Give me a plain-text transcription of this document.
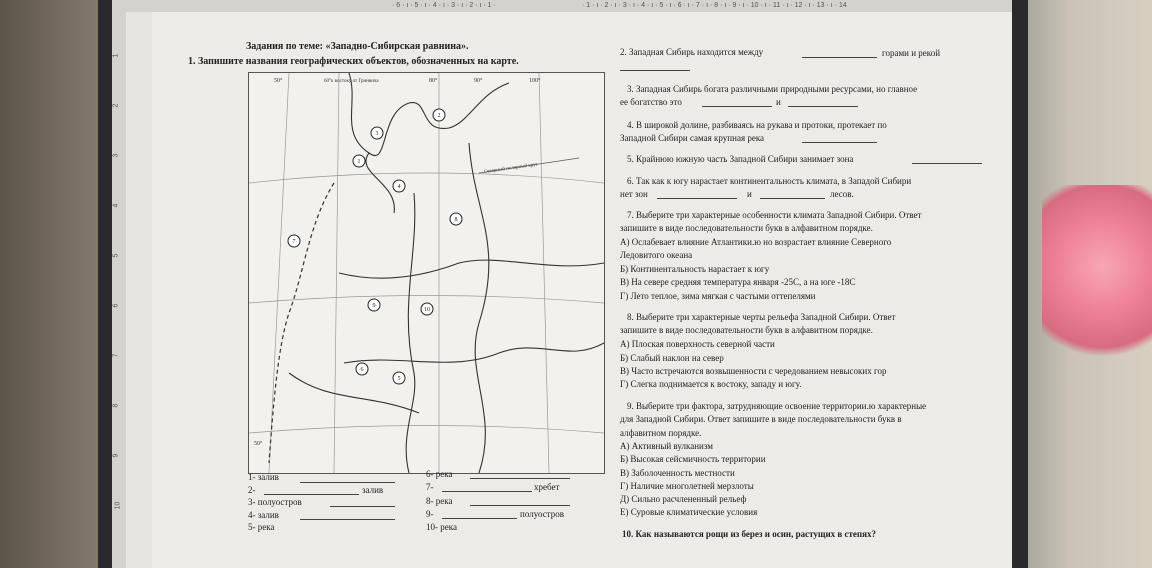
· 6 · ı · 5 · ı · 4 · ı · 3 · ı · 2 · ı · 1 ·	· 1 · ı · 2 · ı · 3 · ı · 4 · ı · 5 · ı · 6 · ı · 7 · ı · 8 · ı · 9 · ı · 10 · ı · 11 · ı · 12 · ı · 13 · ı · 14
1
2
3
4
5
6
7
8
9
10
Задания по теме: «Западно-Сибирская равнина».
1. Запишите названия географических объектов, обозначенных на карте.
Северный полярный круг
50°	60°к востоку от Гринвича	80°	90°	100°
50°
1
2
3
4
5
6
7
8
9
10
1- залив
2-	залив
3- полуостров
4- залив
5- река
6- река
7-	хребет
8- река
9-	полуостров
10- река
2. Западная Сибирь находится между	горами и рекой
3. Западная Сибирь богата различными природными ресурсами, но главное
ее богатство это	и
4. В широкой долине, разбиваясь на рукава и протоки, протекает по
Западной Сибири самая крупная река
5. Крайнюю южную часть Западной Сибири занимает зона
6. Так как к югу нарастает континентальность климата, в Западой Сибири
нет зон	и	лесов.
7. Выберите три характерные особенности климата Западной Сибири. Ответ
запишите в виде последовательности букв в алфавитном порядке.
А) Ослабевает влияние Атлантики.ю но возрастает влияние Северного
Ледовитого океана
Б) Континентальность нарастает к югу
В) На севере средняя температура января -25С, а на юге -18С
Г) Лето теплое, зима мягкая с частыми оттепелями
8. Выберите три характерные черты рельефа Западной Сибири. Ответ
запишите в виде последовательности букв в алфавитном порядке.
А) Плоская поверхность северной части
Б) Слабый наклон на север
В) Часто встречаются возвышенности с чередованием невысоких гор
Г) Слегка поднимается к востоку, западу и югу.
9. Выберите три фактора, затрудняющие освоение территории.ю характерные
для Западной Сибири. Ответ запишите в виде последовательности букв в
алфавитном порядке.
А) Активный вулканизм
Б) Высокая сейсмичность территории
В) Заболоченность местности
Г) Наличие многолетней мерзлоты
Д) Сильно расчлененный рельеф
Е) Суровые климатические условия
10. Как называются рощи из берез и осин, растущих в степях?
